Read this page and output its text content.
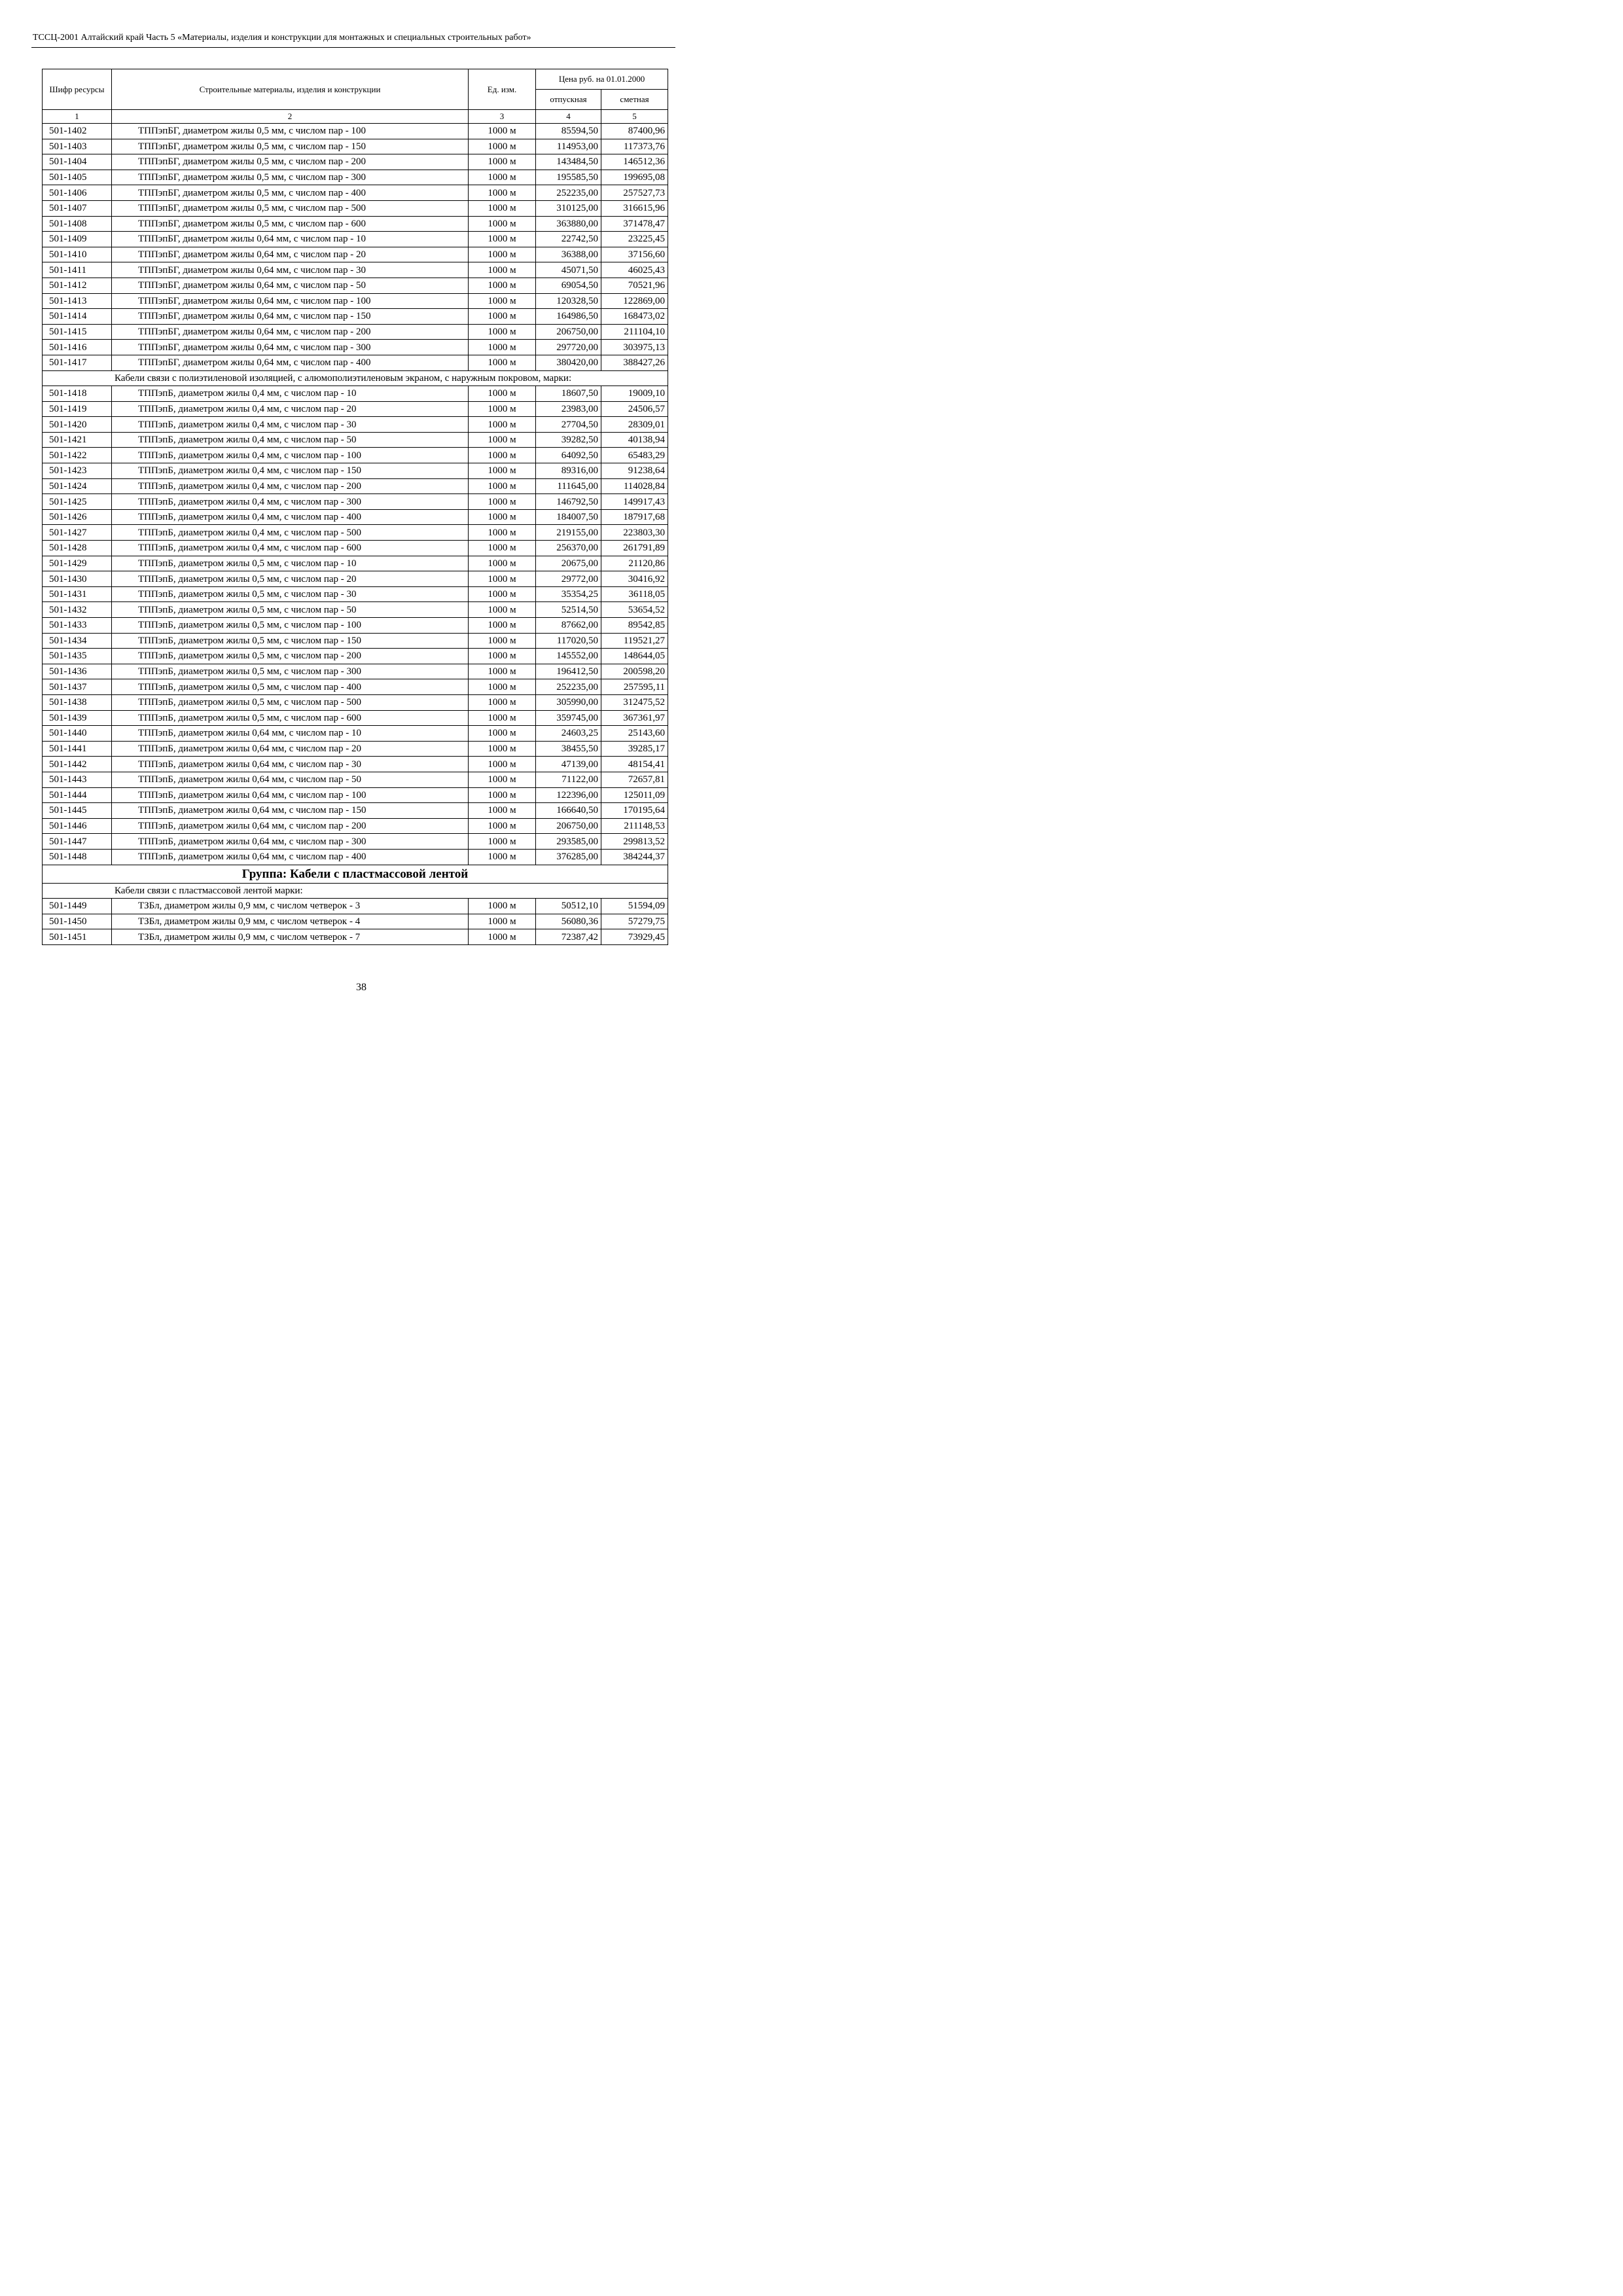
ТССЦ-2001 Алтайский край Часть 5 «Материалы, изделия и конструкции для монтажных и специальных строительных работ»
Шифр ресурсы	Строительные материалы, изделия и конструкции	Ед. изм.	Цена руб. на 01.01.2000	
			отпускная	сметная
1	2	3	4	5
501-1402	ТППэпБГ, диаметром жилы 0,5 мм, с числом пар - 100	1000 м	85594,50	87400,96
501-1403	ТППэпБГ, диаметром жилы 0,5 мм, с числом пар - 150	1000 м	114953,00	117373,76
501-1404	ТППэпБГ, диаметром жилы 0,5 мм, с числом пар - 200	1000 м	143484,50	146512,36
501-1405	ТППэпБГ, диаметром жилы 0,5 мм, с числом пар - 300	1000 м	195585,50	199695,08
501-1406	ТППэпБГ, диаметром жилы 0,5 мм, с числом пар - 400	1000 м	252235,00	257527,73
501-1407	ТППэпБГ, диаметром жилы 0,5 мм, с числом пар - 500	1000 м	310125,00	316615,96
501-1408	ТППэпБГ, диаметром жилы 0,5 мм, с числом пар - 600	1000 м	363880,00	371478,47
501-1409	ТППэпБГ, диаметром жилы 0,64 мм, с числом пар - 10	1000 м	22742,50	23225,45
501-1410	ТППэпБГ, диаметром жилы 0,64 мм, с числом пар - 20	1000 м	36388,00	37156,60
501-1411	ТППэпБГ, диаметром жилы 0,64 мм, с числом пар - 30	1000 м	45071,50	46025,43
501-1412	ТППэпБГ, диаметром жилы 0,64 мм, с числом пар - 50	1000 м	69054,50	70521,96
501-1413	ТППэпБГ, диаметром жилы 0,64 мм, с числом пар - 100	1000 м	120328,50	122869,00
501-1414	ТППэпБГ, диаметром жилы 0,64 мм, с числом пар - 150	1000 м	164986,50	168473,02
501-1415	ТППэпБГ, диаметром жилы 0,64 мм, с числом пар - 200	1000 м	206750,00	211104,10
501-1416	ТППэпБГ, диаметром жилы 0,64 мм, с числом пар - 300	1000 м	297720,00	303975,13
501-1417	ТППэпБГ, диаметром жилы 0,64 мм, с числом пар - 400	1000 м	380420,00	388427,26
Кабели связи с полиэтиленовой изоляцией, с алюмополиэтиленовым экраном, с наружным покровом, марки:				
501-1418	ТППэпБ, диаметром жилы 0,4 мм, с числом пар - 10	1000 м	18607,50	19009,10
501-1419	ТППэпБ, диаметром жилы 0,4 мм, с числом пар - 20	1000 м	23983,00	24506,57
501-1420	ТППэпБ, диаметром жилы 0,4 мм, с числом пар - 30	1000 м	27704,50	28309,01
501-1421	ТППэпБ, диаметром жилы 0,4 мм, с числом пар - 50	1000 м	39282,50	40138,94
501-1422	ТППэпБ, диаметром жилы 0,4 мм, с числом пар - 100	1000 м	64092,50	65483,29
501-1423	ТППэпБ, диаметром жилы 0,4 мм, с числом пар - 150	1000 м	89316,00	91238,64
501-1424	ТППэпБ, диаметром жилы 0,4 мм, с числом пар - 200	1000 м	111645,00	114028,84
501-1425	ТППэпБ, диаметром жилы 0,4 мм, с числом пар - 300	1000 м	146792,50	149917,43
501-1426	ТППэпБ, диаметром жилы 0,4 мм, с числом пар - 400	1000 м	184007,50	187917,68
501-1427	ТППэпБ, диаметром жилы 0,4 мм, с числом пар - 500	1000 м	219155,00	223803,30
501-1428	ТППэпБ, диаметром жилы 0,4 мм, с числом пар - 600	1000 м	256370,00	261791,89
501-1429	ТППэпБ, диаметром жилы 0,5 мм, с числом пар - 10	1000 м	20675,00	21120,86
501-1430	ТППэпБ, диаметром жилы 0,5 мм, с числом пар - 20	1000 м	29772,00	30416,92
501-1431	ТППэпБ, диаметром жилы 0,5 мм, с числом пар - 30	1000 м	35354,25	36118,05
501-1432	ТППэпБ, диаметром жилы 0,5 мм, с числом пар - 50	1000 м	52514,50	53654,52
501-1433	ТППэпБ, диаметром жилы 0,5 мм, с числом пар - 100	1000 м	87662,00	89542,85
501-1434	ТППэпБ, диаметром жилы 0,5 мм, с числом пар - 150	1000 м	117020,50	119521,27
501-1435	ТППэпБ, диаметром жилы 0,5 мм, с числом пар - 200	1000 м	145552,00	148644,05
501-1436	ТППэпБ, диаметром жилы 0,5 мм, с числом пар - 300	1000 м	196412,50	200598,20
501-1437	ТППэпБ, диаметром жилы 0,5 мм, с числом пар - 400	1000 м	252235,00	257595,11
501-1438	ТППэпБ, диаметром жилы 0,5 мм, с числом пар - 500	1000 м	305990,00	312475,52
501-1439	ТППэпБ, диаметром жилы 0,5 мм, с числом пар - 600	1000 м	359745,00	367361,97
501-1440	ТППэпБ, диаметром жилы 0,64 мм, с числом пар - 10	1000 м	24603,25	25143,60
501-1441	ТППэпБ, диаметром жилы 0,64 мм, с числом пар - 20	1000 м	38455,50	39285,17
501-1442	ТППэпБ, диаметром жилы 0,64 мм, с числом пар - 30	1000 м	47139,00	48154,41
501-1443	ТППэпБ, диаметром жилы 0,64 мм, с числом пар - 50	1000 м	71122,00	72657,81
501-1444	ТППэпБ, диаметром жилы 0,64 мм, с числом пар - 100	1000 м	122396,00	125011,09
501-1445	ТППэпБ, диаметром жилы 0,64 мм, с числом пар - 150	1000 м	166640,50	170195,64
501-1446	ТППэпБ, диаметром жилы 0,64 мм, с числом пар - 200	1000 м	206750,00	211148,53
501-1447	ТППэпБ, диаметром жилы 0,64 мм, с числом пар - 300	1000 м	293585,00	299813,52
501-1448	ТППэпБ, диаметром жилы 0,64 мм, с числом пар - 400	1000 м	376285,00	384244,37
Группа: Кабели с пластмассовой лентой				
Кабели связи с пластмассовой лентой марки:				
501-1449	ТЗБл, диаметром жилы 0,9 мм, с числом четверок - 3	1000 м	50512,10	51594,09
501-1450	ТЗБл, диаметром жилы 0,9 мм, с числом четверок - 4	1000 м	56080,36	57279,75
501-1451	ТЗБл, диаметром жилы 0,9 мм, с числом четверок - 7	1000 м	72387,42	73929,45
38
